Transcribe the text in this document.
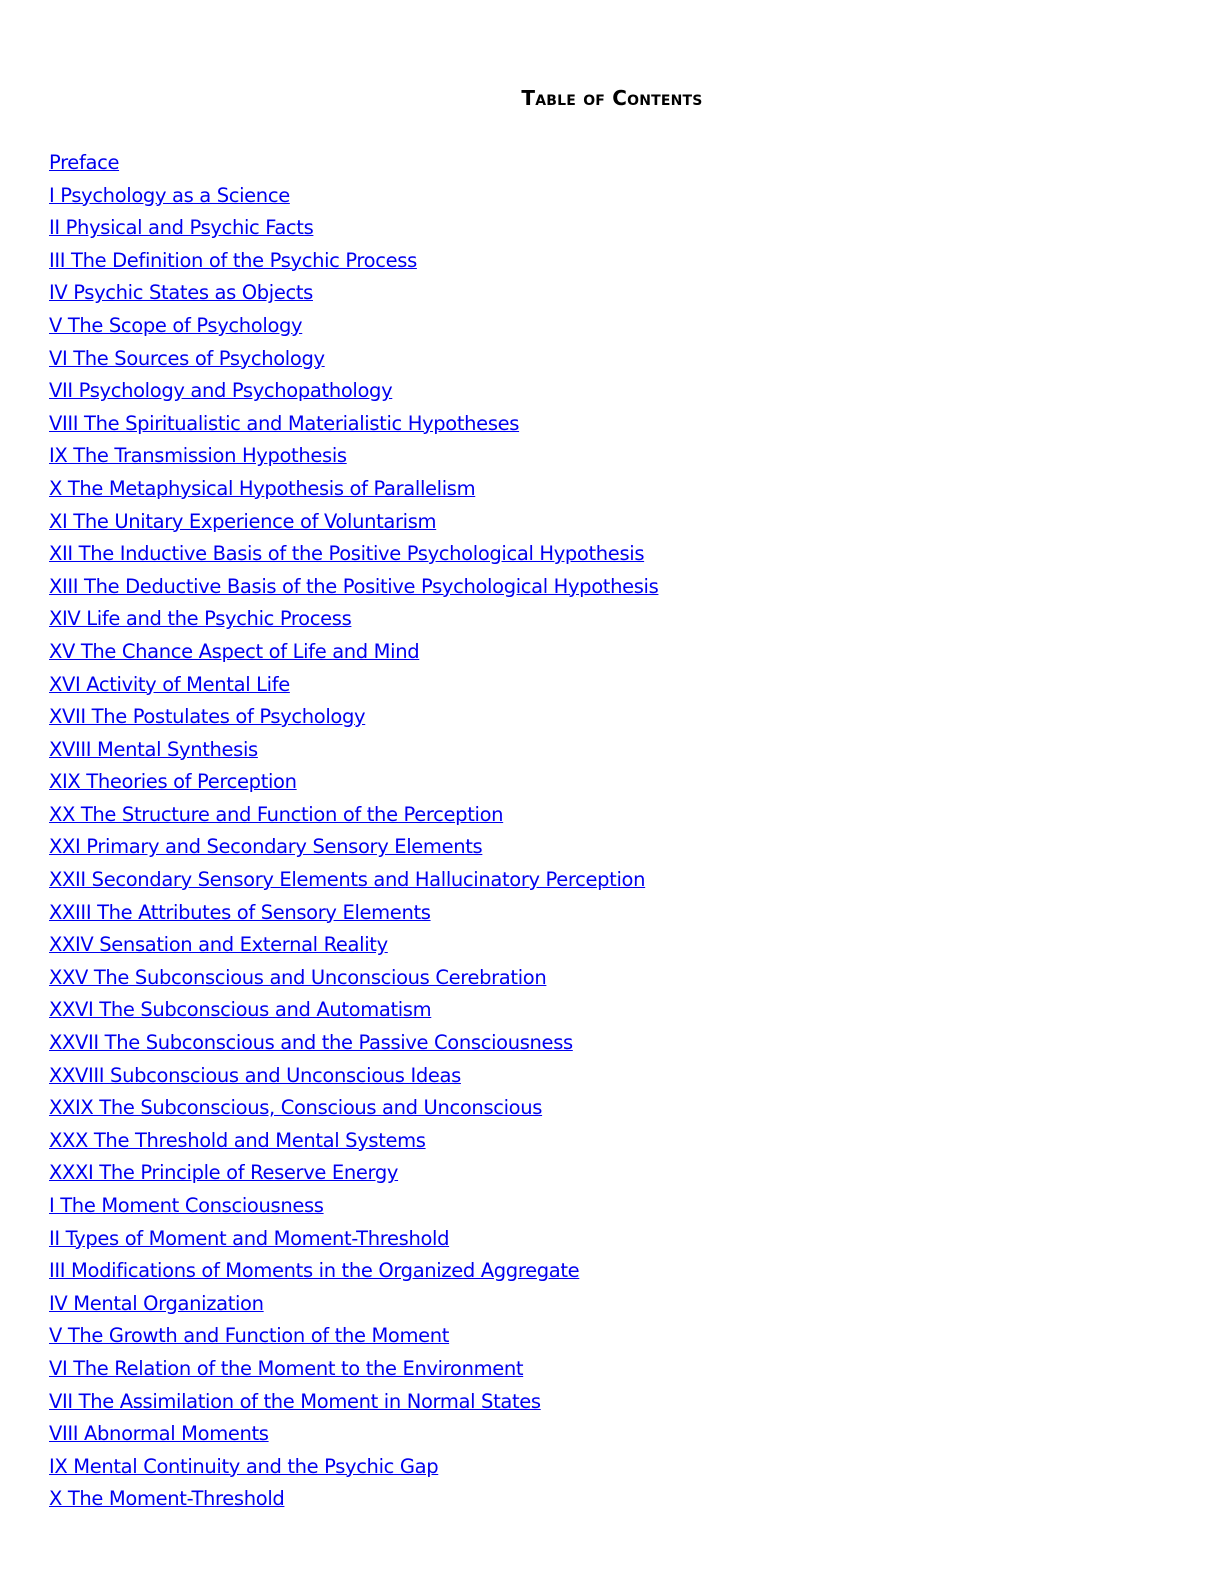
Table of Contents
Preface
I Psychology as a Science
II Physical and Psychic Facts
III The Definition of the Psychic Process
IV Psychic States as Objects
V The Scope of Psychology
VI The Sources of Psychology
VII Psychology and Psychopathology
VIII The Spiritualistic and Materialistic Hypotheses
IX The Transmission Hypothesis
X The Metaphysical Hypothesis of Parallelism
XI The Unitary Experience of Voluntarism
XII The Inductive Basis of the Positive Psychological Hypothesis
XIII The Deductive Basis of the Positive Psychological Hypothesis
XIV Life and the Psychic Process
XV The Chance Aspect of Life and Mind
XVI Activity of Mental Life
XVII The Postulates of Psychology
XVIII Mental Synthesis
XIX Theories of Perception
XX The Structure and Function of the Perception
XXI Primary and Secondary Sensory Elements
XXII Secondary Sensory Elements and Hallucinatory Perception
XXIII The Attributes of Sensory Elements
XXIV Sensation and External Reality
XXV The Subconscious and Unconscious Cerebration
XXVI The Subconscious and Automatism
XXVII The Subconscious and the Passive Consciousness
XXVIII Subconscious and Unconscious Ideas
XXIX The Subconscious, Conscious and Unconscious
XXX The Threshold and Mental Systems
XXXI The Principle of Reserve Energy
I The Moment Consciousness
II Types of Moment and Moment-Threshold
III Modifications of Moments in the Organized Aggregate
IV Mental Organization
V The Growth and Function of the Moment
VI The Relation of the Moment to the Environment
VII The Assimilation of the Moment in Normal States
VIII Abnormal Moments
IX Mental Continuity and the Psychic Gap
X The Moment-Threshold
